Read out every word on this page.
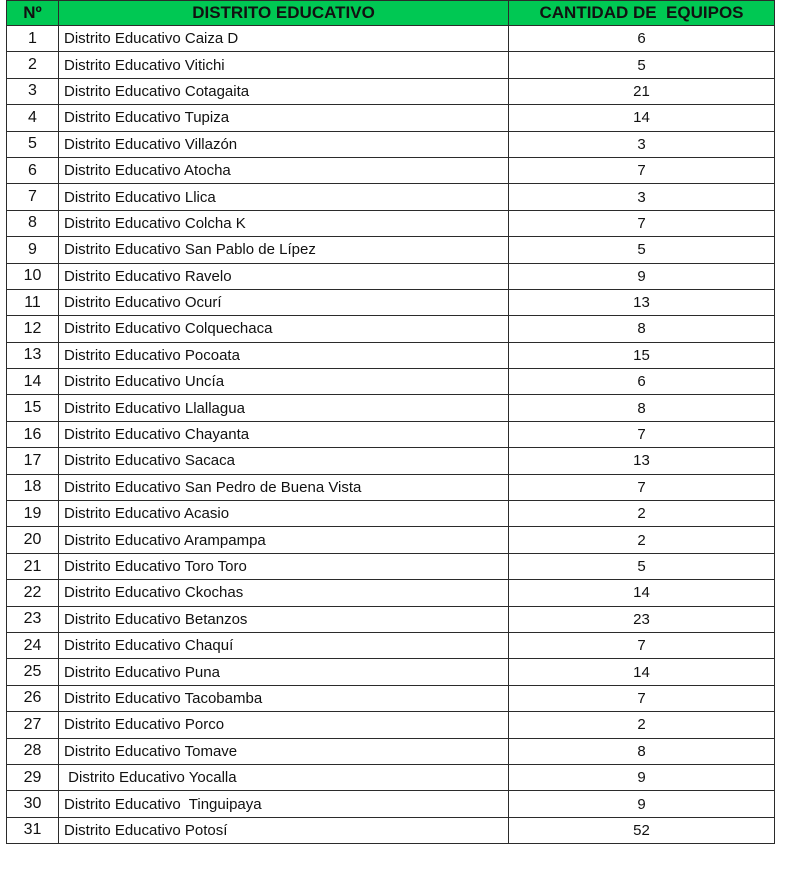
Nº	DISTRITO EDUCATIVO	CANTIDAD DE  EQUIPOS
1	Distrito Educativo Caiza D	6
2	Distrito Educativo Vitichi	5
3	Distrito Educativo Cotagaita	21
4	Distrito Educativo Tupiza	14
5	Distrito Educativo Villazón	3
6	Distrito Educativo Atocha	7
7	Distrito Educativo Llica	3
8	Distrito Educativo Colcha K	7
9	Distrito Educativo San Pablo de Lípez	5
10	Distrito Educativo Ravelo	9
11	Distrito Educativo Ocurí	13
12	Distrito Educativo Colquechaca	8
13	Distrito Educativo Pocoata	15
14	Distrito Educativo Uncía	6
15	Distrito Educativo Llallagua	8
16	Distrito Educativo Chayanta	7
17	Distrito Educativo Sacaca	13
18	Distrito Educativo San Pedro de Buena Vista	7
19	Distrito Educativo Acasio	2
20	Distrito Educativo Arampampa	2
21	Distrito Educativo Toro Toro	5
22	Distrito Educativo Ckochas	14
23	Distrito Educativo Betanzos	23
24	Distrito Educativo Chaquí	7
25	Distrito Educativo Puna	14
26	Distrito Educativo Tacobamba	7
27	Distrito Educativo Porco	2
28	Distrito Educativo Tomave	8
29	Distrito Educativo Yocalla	9
30	Distrito Educativo  Tinguipaya	9
31	Distrito Educativo Potosí	52
